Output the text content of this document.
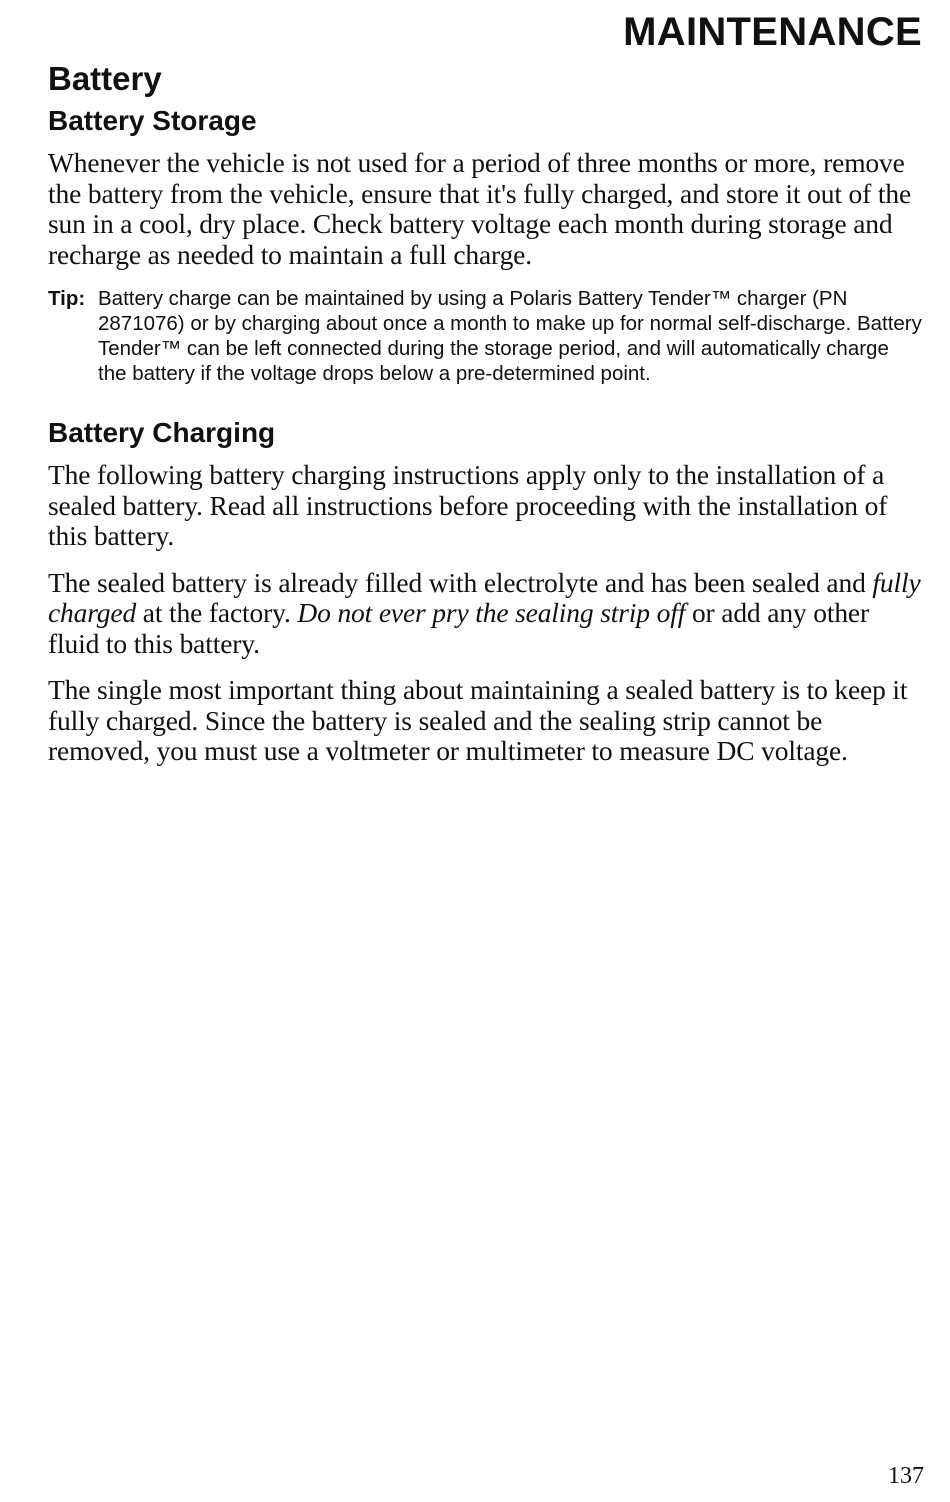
MAINTENANCE
Battery
Battery Storage

Whenever the vehicle is not used for a period of three months or more, remove the battery from the vehicle, ensure that it's fully charged, and store it out of the sun in a cool, dry place. Check battery voltage each month during storage and recharge as needed to maintain a full charge.

Tip: Battery charge can be maintained by using a Polaris Battery Tender™ charger (PN 2871076) or by charging about once a month to make up for normal self-discharge. Battery Tender™ can be left connected during the storage period, and will automatically charge the battery if the voltage drops below a pre-determined point.
Battery Charging

The following battery charging instructions apply only to the installation of a sealed battery. Read all instructions before proceeding with the installation of this battery.

The sealed battery is already filled with electrolyte and has been sealed and fully charged at the factory. Do not ever pry the sealing strip off or add any other fluid to this battery.

The single most important thing about maintaining a sealed battery is to keep it fully charged. Since the battery is sealed and the sealing strip cannot be removed, you must use a voltmeter or multimeter to measure DC voltage.

137
